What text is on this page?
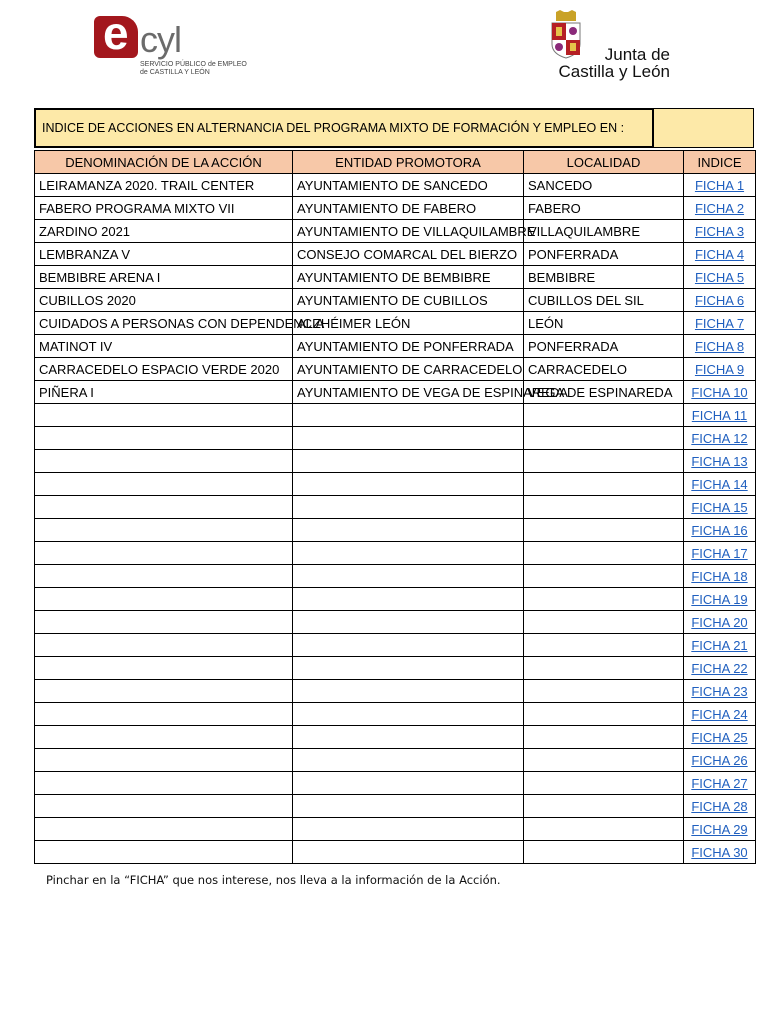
e cyl
SERVICIO PÚBLICO de EMPLEO
de CASTILLA Y LEÓN
Junta de
Castilla y León
INDICE DE ACCIONES EN ALTERNANCIA DEL PROGRAMA MIXTO DE FORMACIÓN Y EMPLEO EN :
DENOMINACIÓN DE LA ACCIÓN	ENTIDAD PROMOTORA	LOCALIDAD	INDICE
LEIRAMANZA 2020. TRAIL CENTER	AYUNTAMIENTO DE SANCEDO	SANCEDO	FICHA 1
FABERO PROGRAMA MIXTO VII	AYUNTAMIENTO DE FABERO	FABERO	FICHA 2
ZARDINO 2021	AYUNTAMIENTO DE VILLAQUILAMBRE	VILLAQUILAMBRE	FICHA 3
LEMBRANZA V	CONSEJO COMARCAL DEL BIERZO	PONFERRADA	FICHA 4
BEMBIBRE ARENA I	AYUNTAMIENTO DE BEMBIBRE	BEMBIBRE	FICHA 5
CUBILLOS 2020	AYUNTAMIENTO DE CUBILLOS	CUBILLOS DEL SIL	FICHA 6
CUIDADOS A PERSONAS CON DEPENDENCIA	ALZHÉIMER LEÓN	LEÓN	FICHA 7
MATINOT IV	AYUNTAMIENTO DE PONFERRADA	PONFERRADA	FICHA 8
CARRACEDELO ESPACIO VERDE 2020	AYUNTAMIENTO DE CARRACEDELO	CARRACEDELO	FICHA 9
PIÑERA I	AYUNTAMIENTO DE VEGA DE ESPINAREDA	VEGA DE ESPINAREDA	FICHA 10
			FICHA 11
			FICHA 12
			FICHA 13
			FICHA 14
			FICHA 15
			FICHA 16
			FICHA 17
			FICHA 18
			FICHA 19
			FICHA 20
			FICHA 21
			FICHA 22
			FICHA 23
			FICHA 24
			FICHA 25
			FICHA 26
			FICHA 27
			FICHA 28
			FICHA 29
			FICHA 30
Pinchar en la “FICHA” que nos interese, nos lleva a la información de la Acción.
